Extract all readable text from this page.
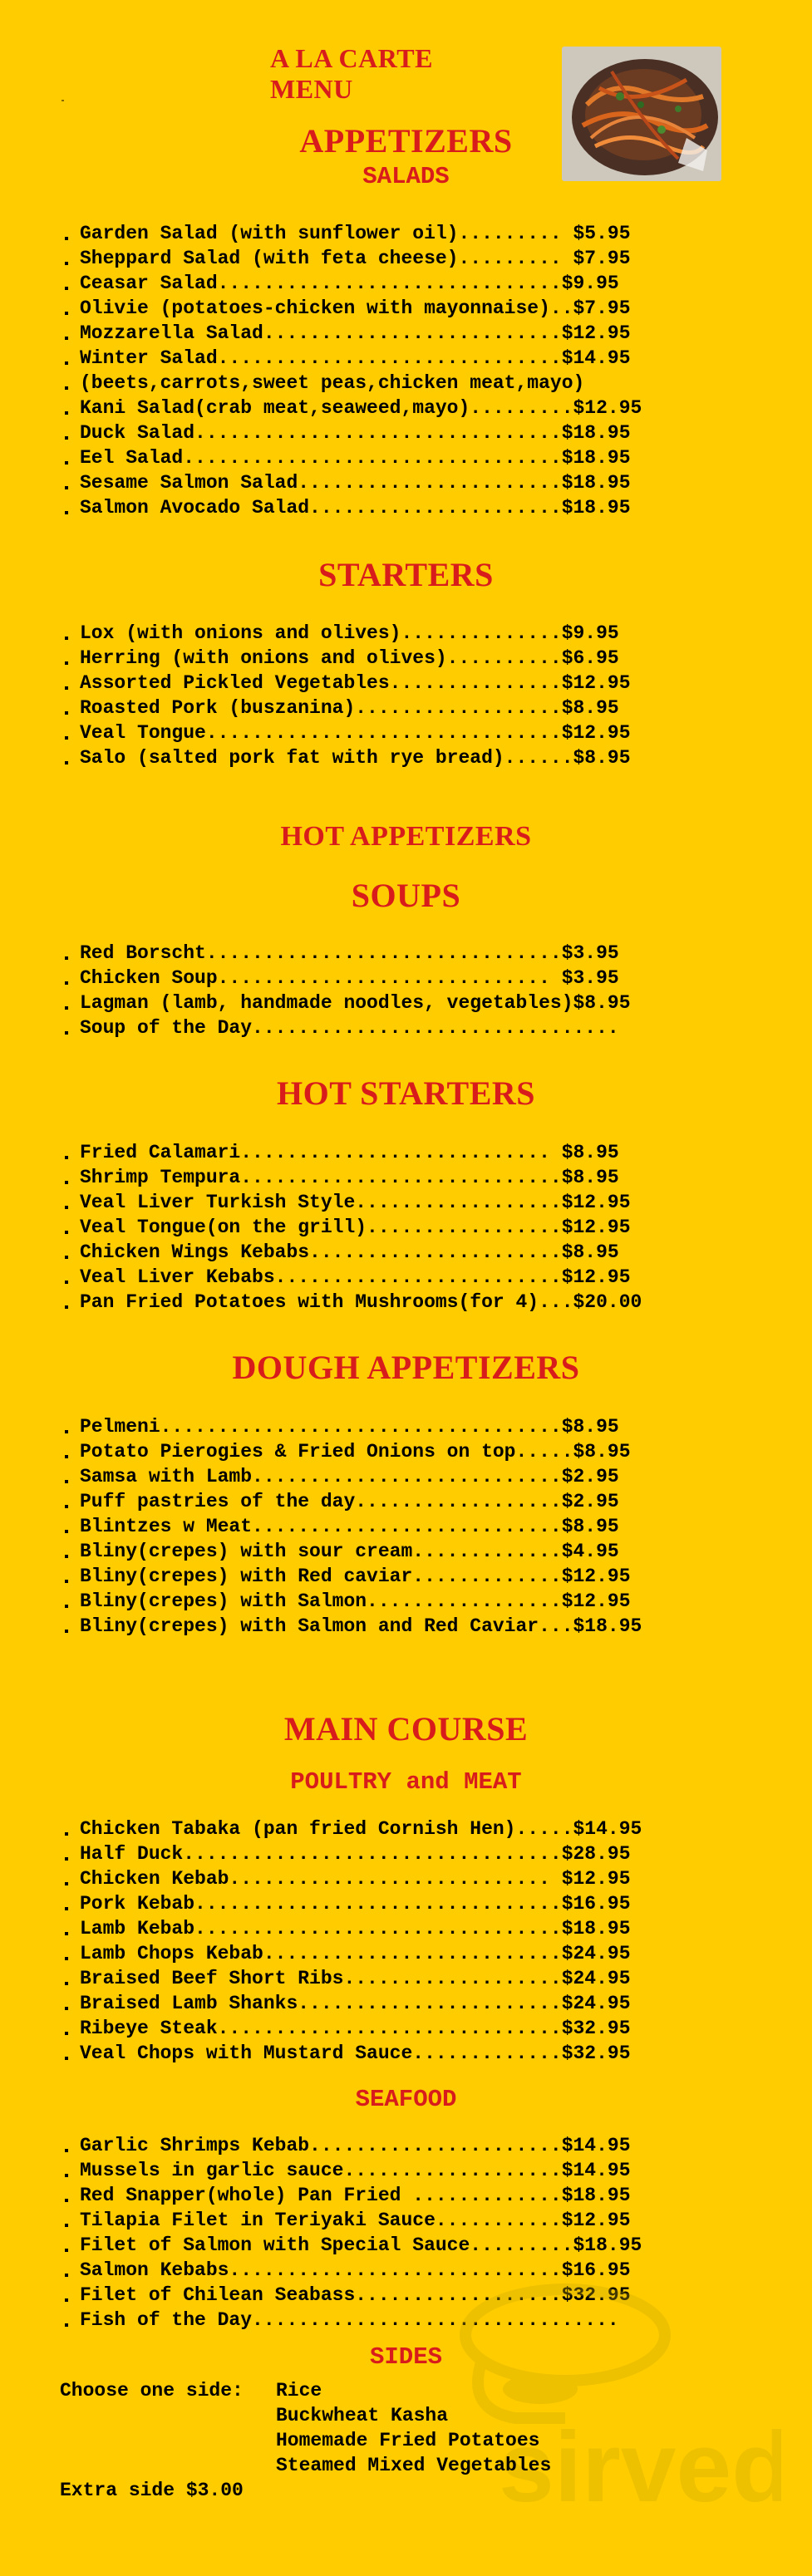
A LA CARTE MENU
APPETIZERS
SALADS
Garden Salad (with sunflower oil)......... $5.95
Sheppard Salad (with feta cheese)......... $7.95
Ceasar Salad..............................$9.95
Olivie (potatoes-chicken with mayonnaise)..$7.95
Mozzarella Salad..........................$12.95
Winter Salad..............................$14.95
(beets,carrots,sweet peas,chicken meat,mayo)
Kani Salad(crab meat,seaweed,mayo).........$12.95
Duck Salad................................$18.95
Eel Salad.................................$18.95
Sesame Salmon Salad.......................$18.95
Salmon Avocado Salad......................$18.95
STARTERS
Lox (with onions and olives)..............$9.95
Herring (with onions and olives)..........$6.95
Assorted Pickled Vegetables...............$12.95
Roasted Pork (buszanina)..................$8.95
Veal Tongue...............................$12.95
Salo (salted pork fat with rye bread)......$8.95
HOT APPETIZERS
SOUPS
Red Borscht...............................$3.95
Chicken Soup............................. $3.95
Lagman (lamb, handmade noodles, vegetables)$8.95
Soup of the Day................................
HOT STARTERS
Fried Calamari........................... $8.95
Shrimp Tempura............................$8.95
Veal Liver Turkish Style..................$12.95
Veal Tongue(on the grill).................$12.95
Chicken Wings Kebabs......................$8.95
Veal Liver Kebabs.........................$12.95
Pan Fried Potatoes with Mushrooms(for 4)...$20.00
DOUGH APPETIZERS
Pelmeni...................................$8.95
Potato Pierogies & Fried Onions on top.....$8.95
Samsa with Lamb...........................$2.95
Puff pastries of the day..................$2.95
Blintzes w Meat...........................$8.95
Bliny(crepes) with sour cream.............$4.95
Bliny(crepes) with Red caviar.............$12.95
Bliny(crepes) with Salmon.................$12.95
Bliny(crepes) with Salmon and Red Caviar...$18.95
MAIN COURSE
POULTRY and MEAT
Chicken Tabaka (pan fried Cornish Hen).....$14.95
Half Duck.................................$28.95
Chicken Kebab............................ $12.95
Pork Kebab................................$16.95
Lamb Kebab................................$18.95
Lamb Chops Kebab..........................$24.95
Braised Beef Short Ribs...................$24.95
Braised Lamb Shanks.......................$24.95
Ribeye Steak..............................$32.95
Veal Chops with Mustard Sauce.............$32.95
SEAFOOD
Garlic Shrimps Kebab......................$14.95
Mussels in garlic sauce...................$14.95
Red Snapper(whole) Pan Fried .............$18.95
Tilapia Filet in Teriyaki Sauce...........$12.95
Filet of Salmon with Special Sauce.........$18.95
Salmon Kebabs.............................$16.95
Filet of Chilean Seabass..................$32.95
Fish of the Day................................
sirved
SIDES
Choose one side: Rice
Buckwheat Kasha
Homemade Fried Potatoes
Steamed Mixed Vegetables
Extra side $3.00
